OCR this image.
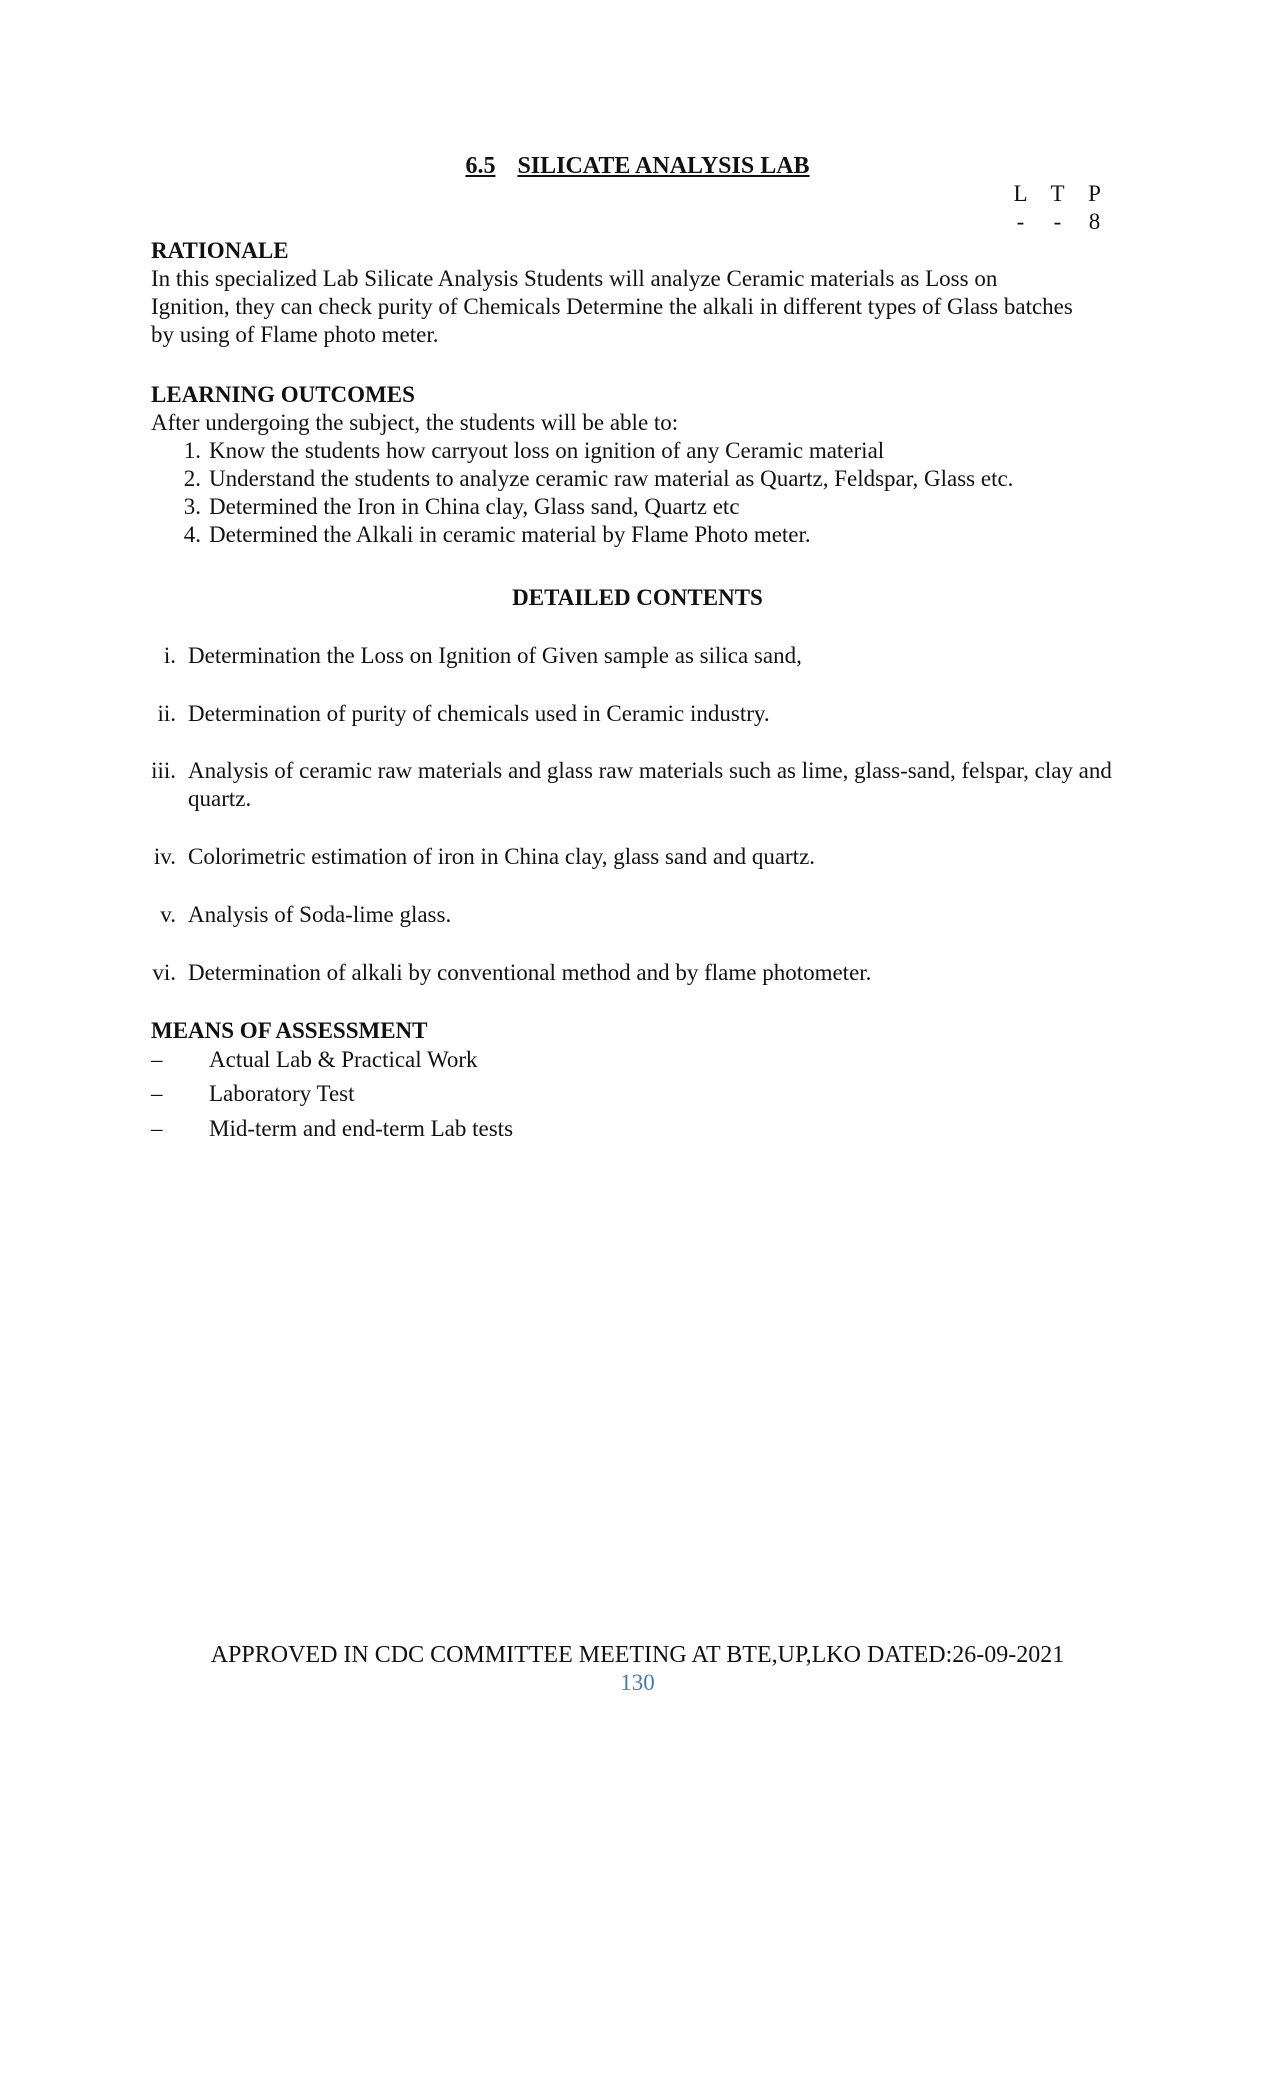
6.5 SILICATE ANALYSIS LAB
L T	P
-	-	8
RATIONALE
In this specialized Lab Silicate Analysis Students will analyze Ceramic materials as Loss on
Ignition, they can check purity of Chemicals Determine the alkali in different types of Glass batches
by using of Flame photo meter.
LEARNING OUTCOMES
After undergoing the subject, the students will be able to:
1. Know the students how carryout loss on ignition of any Ceramic material
2. Understand the students to analyze ceramic raw material as Quartz, Feldspar, Glass etc.
3. Determined the Iron in China clay, Glass sand, Quartz etc
4. Determined the Alkali in ceramic material by Flame Photo meter.
DETAILED CONTENTS
i. Determination the Loss on Ignition of Given sample as silica sand,
ii. Determination of purity of chemicals used in Ceramic industry.
iii. Analysis of ceramic raw materials and glass raw materials such as lime, glass-sand, felspar, clay and quartz.
iv. Colorimetric estimation of iron in China clay, glass sand and quartz.
v. Analysis of Soda-lime glass.
vi. Determination of alkali by conventional method and by flame photometer.
MEANS OF ASSESSMENT
–	Actual Lab & Practical Work
–	Laboratory Test
–	Mid-term and end-term Lab tests
APPROVED IN CDC COMMITTEE MEETING AT BTE,UP,LKO DATED:26-09-2021
130
